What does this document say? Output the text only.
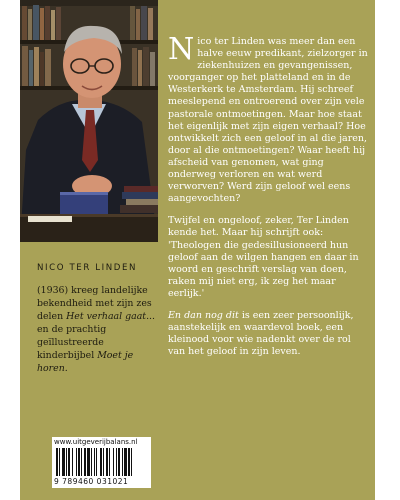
Nico ter Linden was meer dan een halve eeuw predikant, zielzorger in ziekenhuizen en gevangenissen, voorganger op het platteland en in de Westerkerk te Amsterdam. Hij schreef meeslepend en ontroerend over zijn vele pastorale ontmoetingen. Maar hoe staat het eigenlijk met zijn eigen verhaal? Hoe ontwikkelt zich een geloof in al die jaren, door al die ontmoetingen? Waar heeft hij afscheid van genomen, wat ging onderweg verloren en wat werd verworven? Werd zijn geloof wel eens aangevochten?

Twijfel en ongeloof, zeker, Ter Linden kende het. Maar hij schrijft ook: 'Theologen die gedesillusioneerd hun geloof aan de wilgen hangen en daar in woord en geschrift verslag van doen, raken mij niet erg, ik zeg het maar eerlijk.'

En dan nog dit is een zeer persoonlijk, aanstekelijk en waardevol boek, een kleinood voor wie nadenkt over de rol van het geloof in zijn leven.

NICO TER LINDEN

(1936) kreeg landelijke bekendheid met zijn zes delen Het verhaal gaat... en de prachtig geïllustreerde kinderbijbel Moet je horen.

www.uitgeverijbalans.nl
9 789460 031021
